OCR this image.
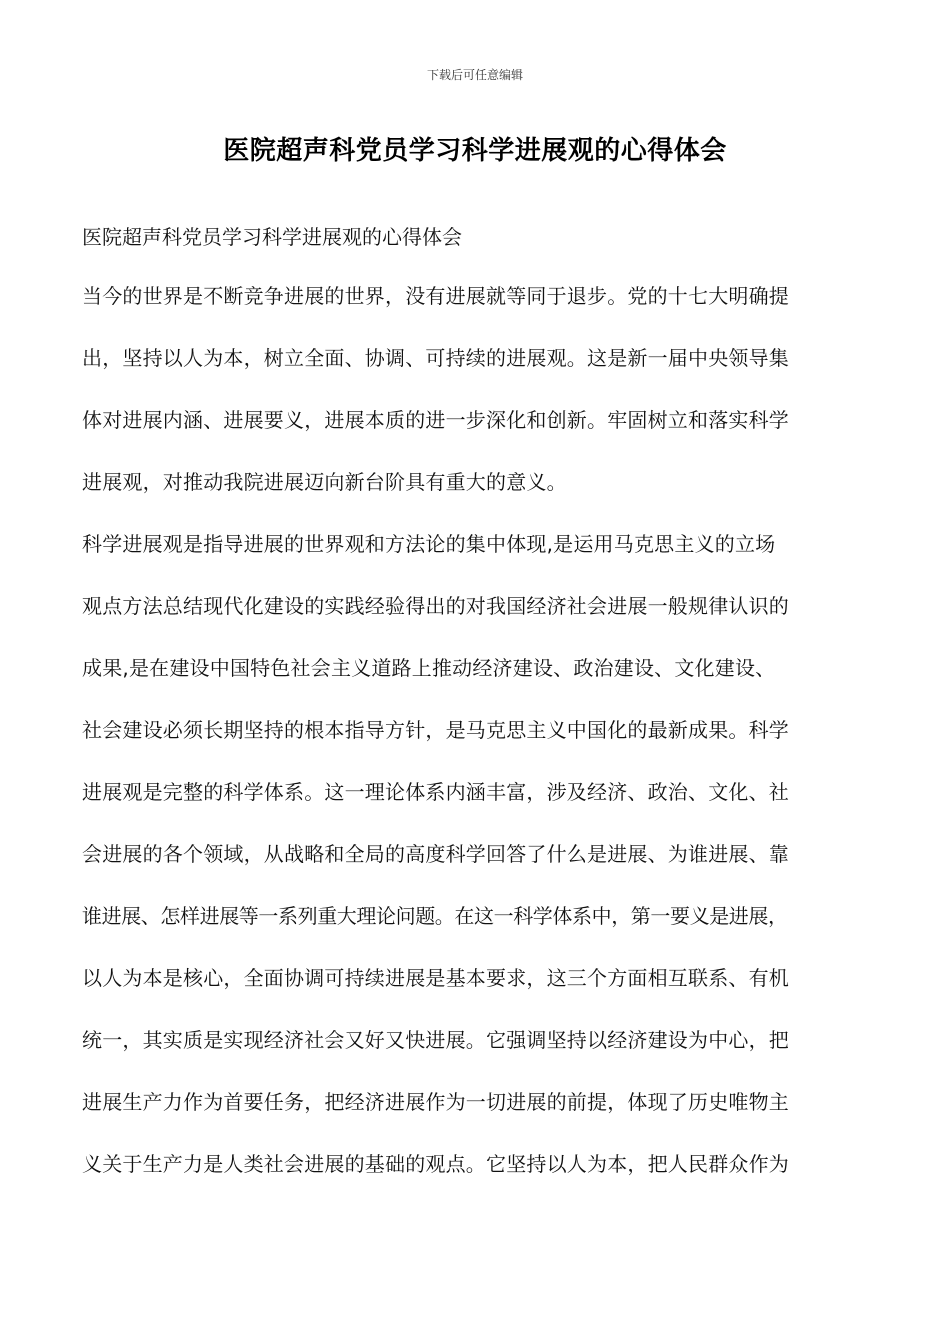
下载后可任意编辑
医院超声科党员学习科学进展观的心得体会
医院超声科党员学习科学进展观的心得体会
当今的世界是不断竞争进展的世界，没有进展就等同于退步。党的十七大明确提
出，坚持以人为本，树立全面、协调、可持续的进展观。这是新一届中央领导集
体对进展内涵、进展要义，进展本质的进一步深化和创新。牢固树立和落实科学
进展观，对推动我院进展迈向新台阶具有重大的意义。
科学进展观是指导进展的世界观和方法论的集中体现,是运用马克思主义的立场
观点方法总结现代化建设的实践经验得出的对我国经济社会进展一般规律认识的
成果,是在建设中国特色社会主义道路上推动经济建设、政治建设、文化建设、
社会建设必须长期坚持的根本指导方针，是马克思主义中国化的最新成果。科学
进展观是完整的科学体系。这一理论体系内涵丰富，涉及经济、政治、文化、社
会进展的各个领域，从战略和全局的高度科学回答了什么是进展、为谁进展、靠
谁进展、怎样进展等一系列重大理论问题。在这一科学体系中，第一要义是进展，
以人为本是核心，全面协调可持续进展是基本要求，这三个方面相互联系、有机
统一，其实质是实现经济社会又好又快进展。它强调坚持以经济建设为中心，把
进展生产力作为首要任务，把经济进展作为一切进展的前提，体现了历史唯物主
义关于生产力是人类社会进展的基础的观点。它坚持以人为本，把人民群众作为
